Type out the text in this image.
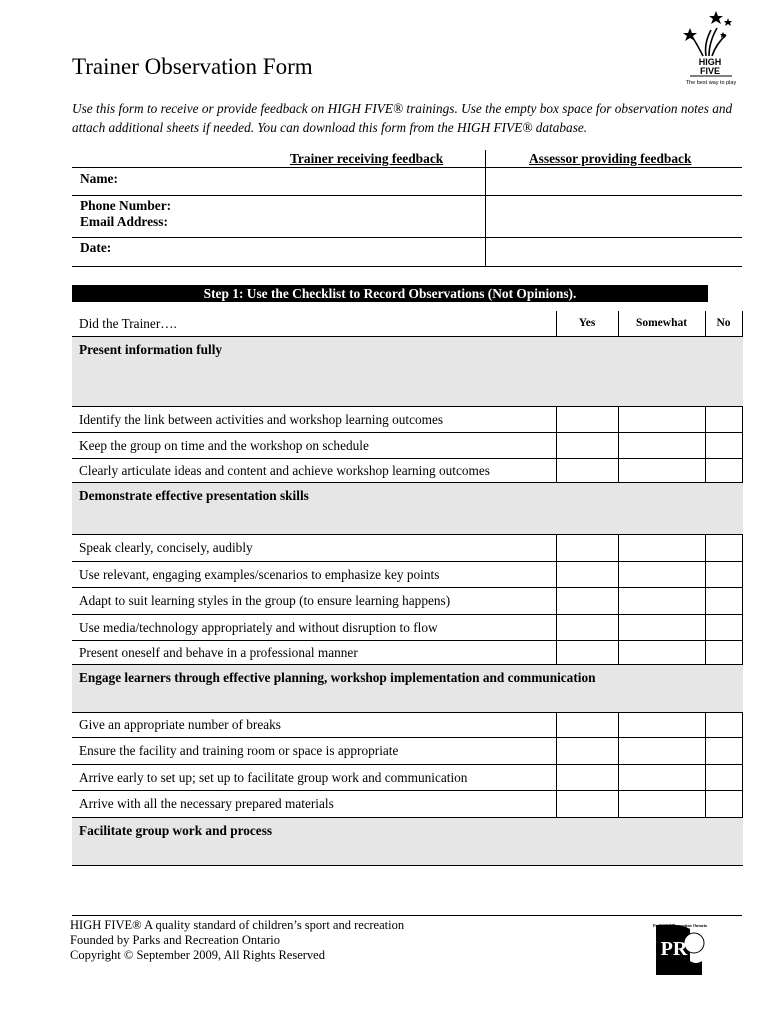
HIGH
FIVE
The best way to play
Trainer Observation Form
Use this form to receive or provide feedback on HIGH FIVE® trainings. Use the empty box space for observation notes and attach additional sheets if needed. You can download this form from the HIGH FIVE® database.
Trainer receiving feedback	Assessor providing feedback
Name:
Phone Number:
Email Address:
Date:
Step 1: Use the Checklist to Record Observations (Not Opinions).
Did the Trainer….	Yes	Somewhat	No
Present information fully
Identify the link between activities and workshop learning outcomes
Keep the group on time and the workshop on schedule
Clearly articulate ideas and content and achieve workshop learning outcomes
Demonstrate effective presentation skills
Speak clearly, concisely, audibly
Use relevant, engaging examples/scenarios to emphasize key points
Adapt to suit learning styles in the group (to ensure learning happens)
Use media/technology appropriately and without disruption to flow
Present oneself and behave in a professional manner
Engage learners through effective planning, workshop implementation and communication
Give an appropriate number of breaks
Ensure the facility and training room or space is appropriate
Arrive early to set up; set up to facilitate group work and communication
Arrive with all the necessary prepared materials
Facilitate group work and process
HIGH FIVE® A quality standard of children’s sport and recreation
Founded by Parks and Recreation Ontario
Copyright © September 2009, All Rights Reserved	PR
Parks and Recreation Ontario
